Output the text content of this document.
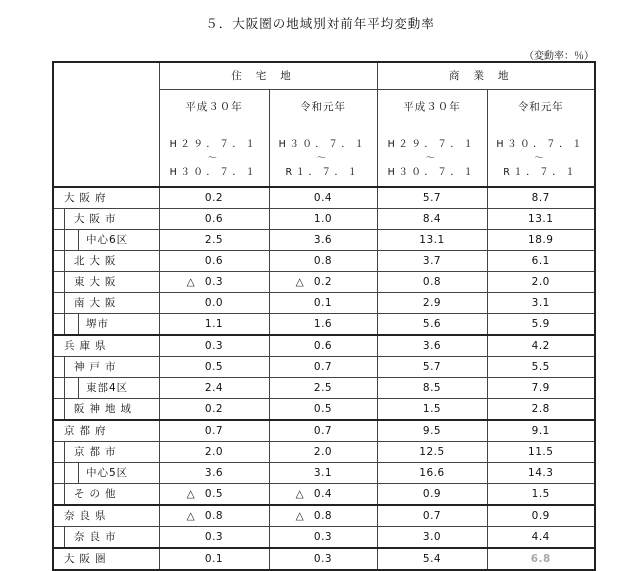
５．大阪圏の地域別対前年平均変動率
（変動率：％）
	住宅地		商業地	

	平成３０年
H２９．７．１
〜
H３０．７．１	令和元年
H３０．７．１
〜
R１．７．１	平成３０年
H２９．７．１
〜
H３０．７．１	令和元年
H３０．７．１
〜
R１．７．１

大阪府	0.2	0.4	5.7	8.7

大阪市	0.6	1.0	8.4	13.1

中心6区	2.5	3.6	13.1	18.9

北大阪	0.6	0.8	3.7	6.1

東大阪	△ 0.3	△ 0.2	0.8	2.0

南大阪	0.0	0.1	2.9	3.1

堺市	1.1	1.6	5.6	5.9
兵庫県	0.3	0.6	3.6	4.2

神戸市	0.5	0.7	5.7	5.5

東部4区	2.4	2.5	8.5	7.9

阪神地域	0.2	0.5	1.5	2.8
京都府	0.7	0.7	9.5	9.1

京都市	2.0	2.0	12.5	11.5

中心5区	3.6	3.1	16.6	14.3

その他	△ 0.5	△ 0.4	0.9	1.5
奈良県	△ 0.8	△ 0.8	0.7	0.9

奈良市	0.3	0.3	3.0	4.4
大阪圏	0.1	0.3	5.4	6.8
